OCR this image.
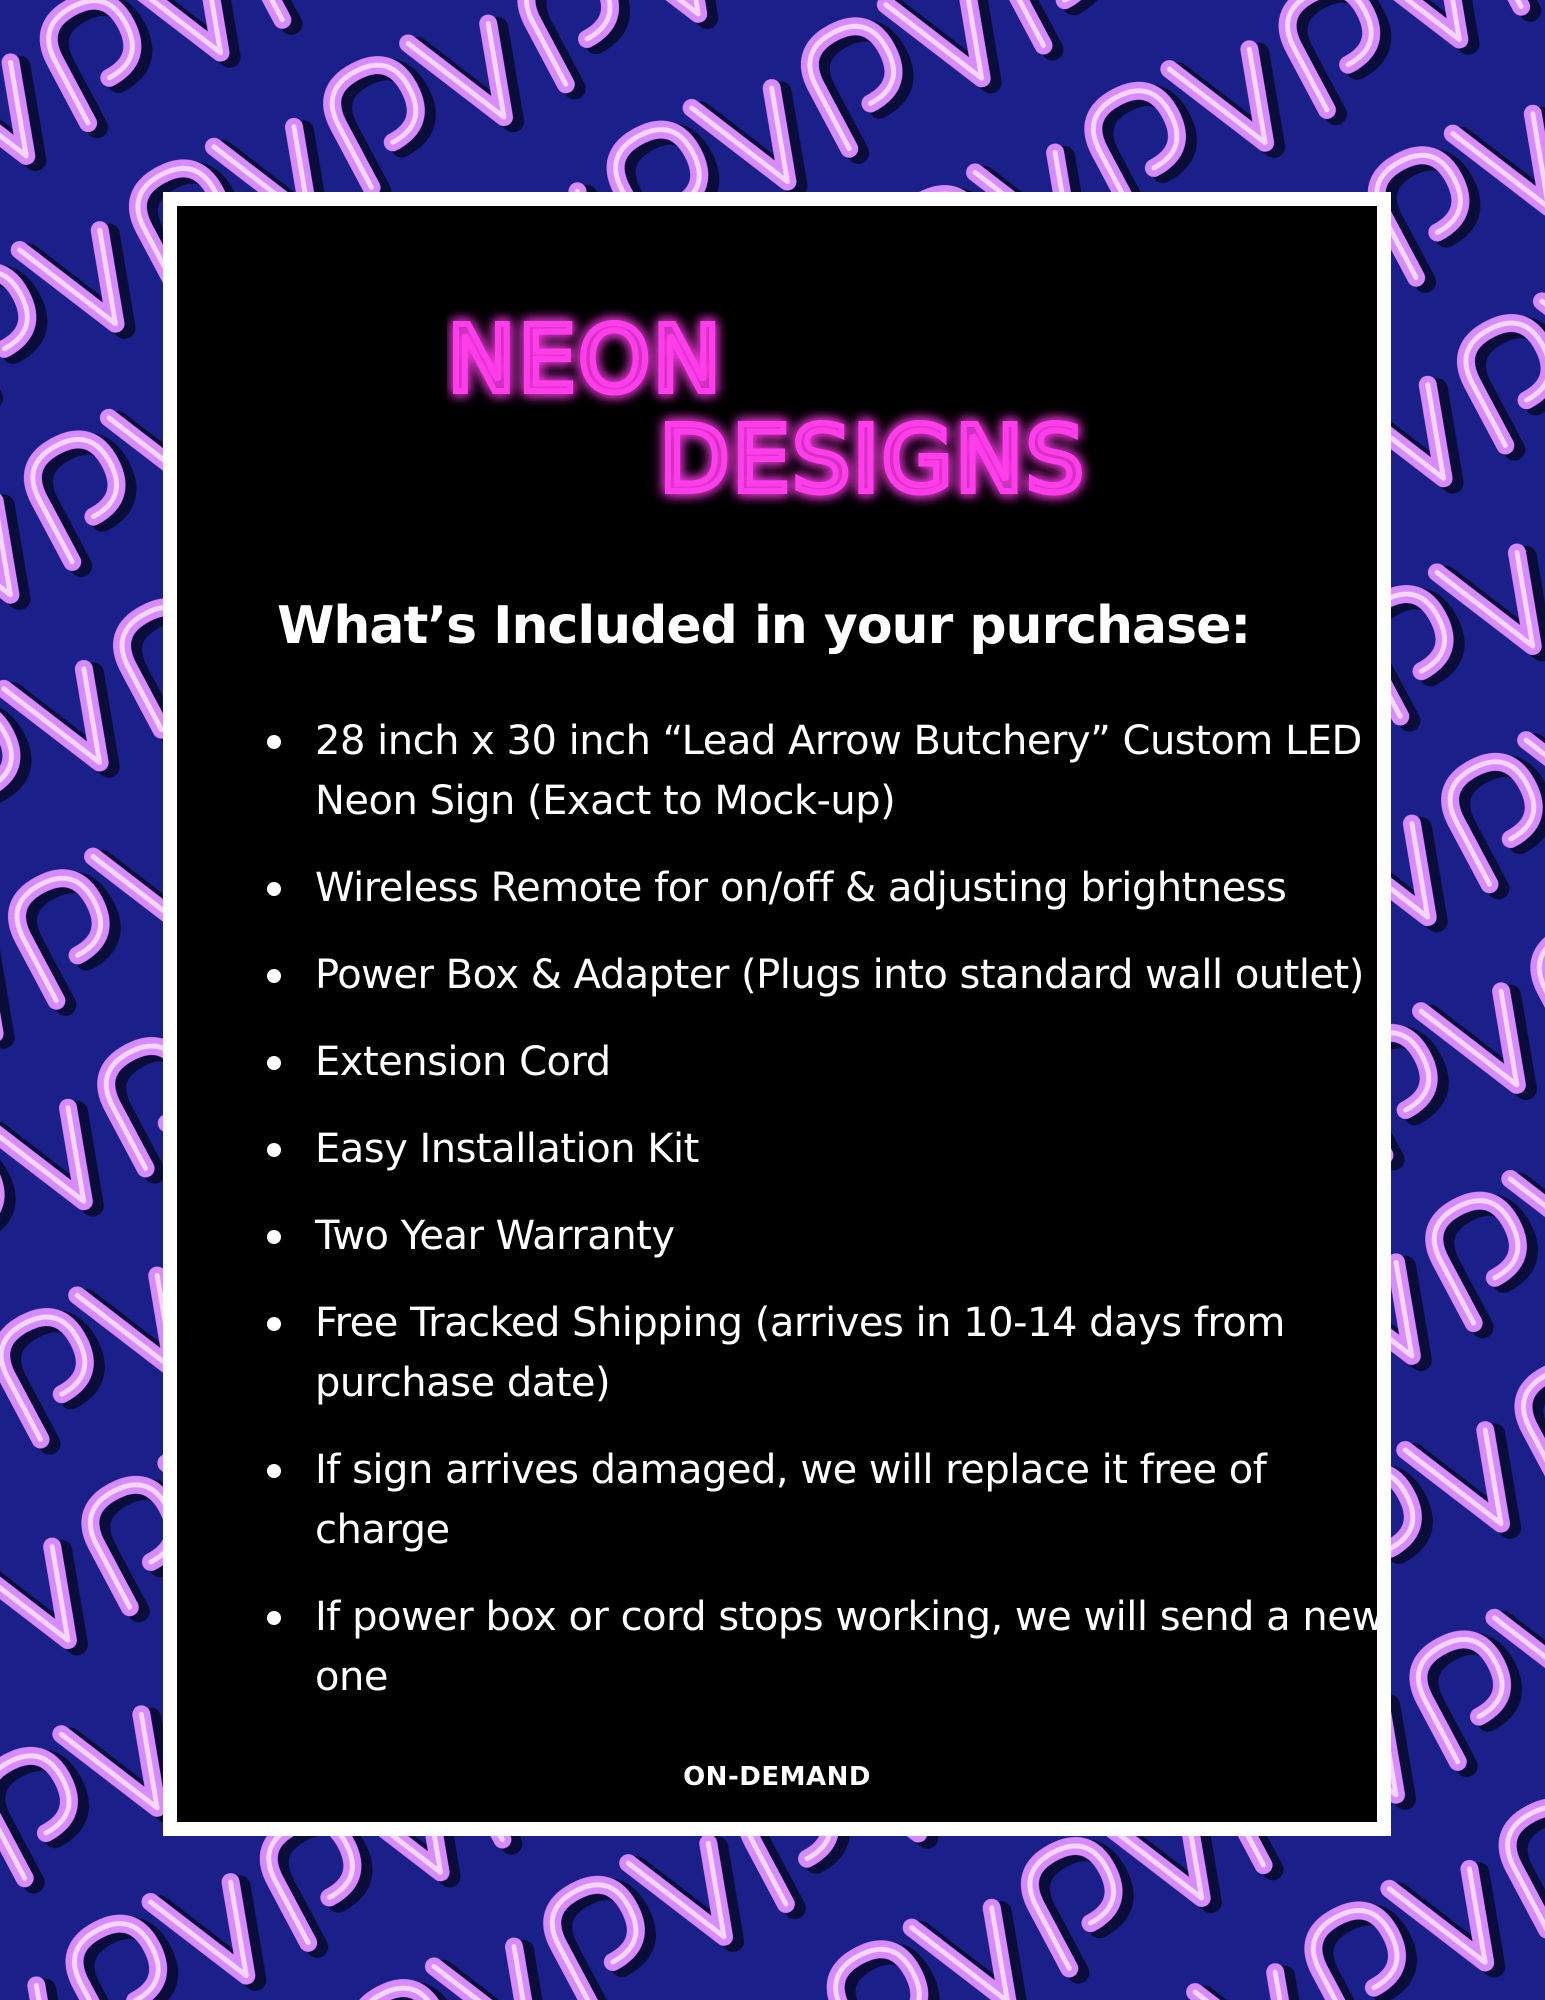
NEON
DESIGNS
What’s Included in your purchase:
28 inch x 30 inch “Lead Arrow Butchery” Custom LED Neon Sign (Exact to Mock-up)
Wireless Remote for on/off & adjusting brightness
Power Box & Adapter (Plugs into standard wall outlet)
Extension Cord
Easy Installation Kit
Two Year Warranty
Free Tracked Shipping (arrives in 10-14 days from purchase date)
If sign arrives damaged, we will replace it free of charge
If power box or cord stops working, we will send a new one
ON-DEMAND
